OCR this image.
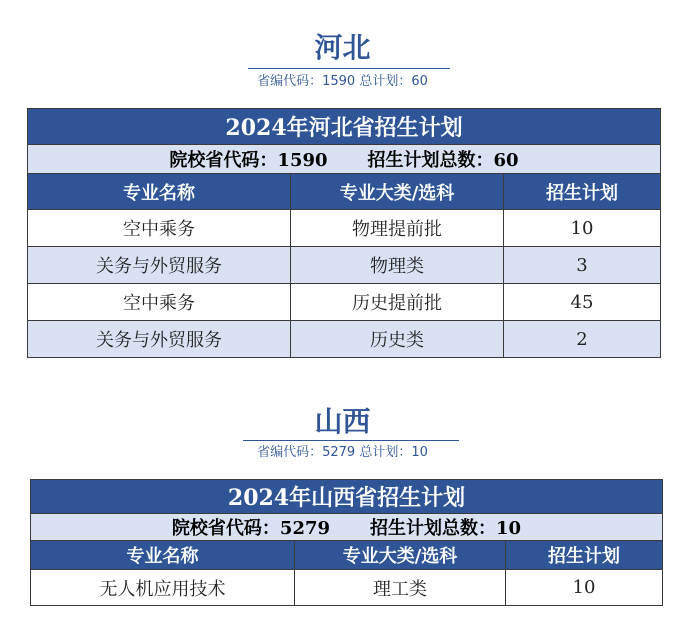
河北
省编代码：1590 总计划：60
2024年河北省招生计划		
院校省代码：1590 招生计划总数：60		
专业名称	专业大类/选科	招生计划
空中乘务	物理提前批	10
关务与外贸服务	物理类	3
空中乘务	历史提前批	45
关务与外贸服务	历史类	2
山西
省编代码：5279 总计划：10
2024年山西省招生计划		
院校省代码：5279 招生计划总数：10		
专业名称	专业大类/选科	招生计划
无人机应用技术	理工类	10
